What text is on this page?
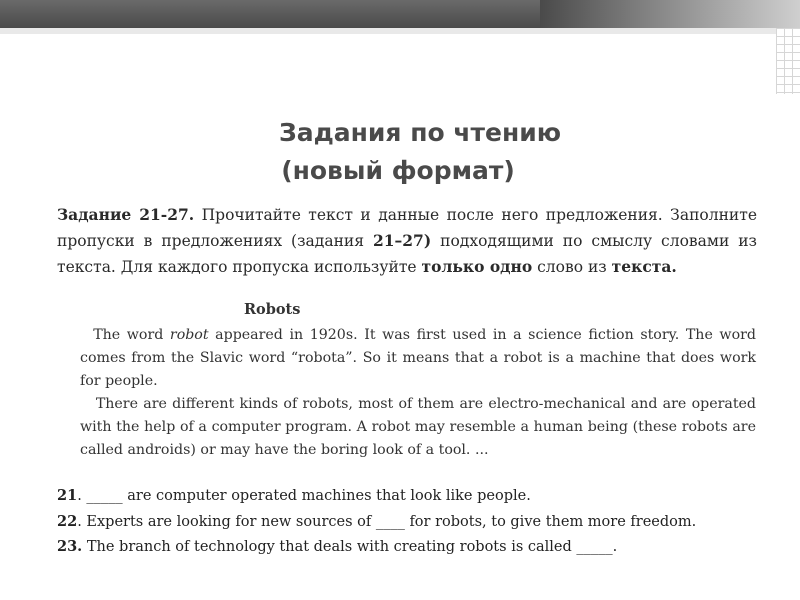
Задания по чтению
(новый формат)
Задание 21-27. Прочитайте текст и данные после него предложения. Заполните пропуски в предложениях (задания 21–27) подходящими по смыслу словами из текста. Для каждого пропуска используйте только одно слово из текста.
Robots
The word robot appeared in 1920s. It was first used in a science fiction story. The word comes from the Slavic word “robota”. So it means that a robot is a machine that does work for people.
There are different kinds of robots, most of them are electro-mechanical and are operated with the help of a computer program. A robot may resemble a human being (these robots are called androids) or may have the boring look of a tool. ...
21. _____ are computer operated machines that look like people.
22. Experts are looking for new sources of ____ for robots, to give them more freedom.
23. The branch of technology that deals with creating robots is called _____.
